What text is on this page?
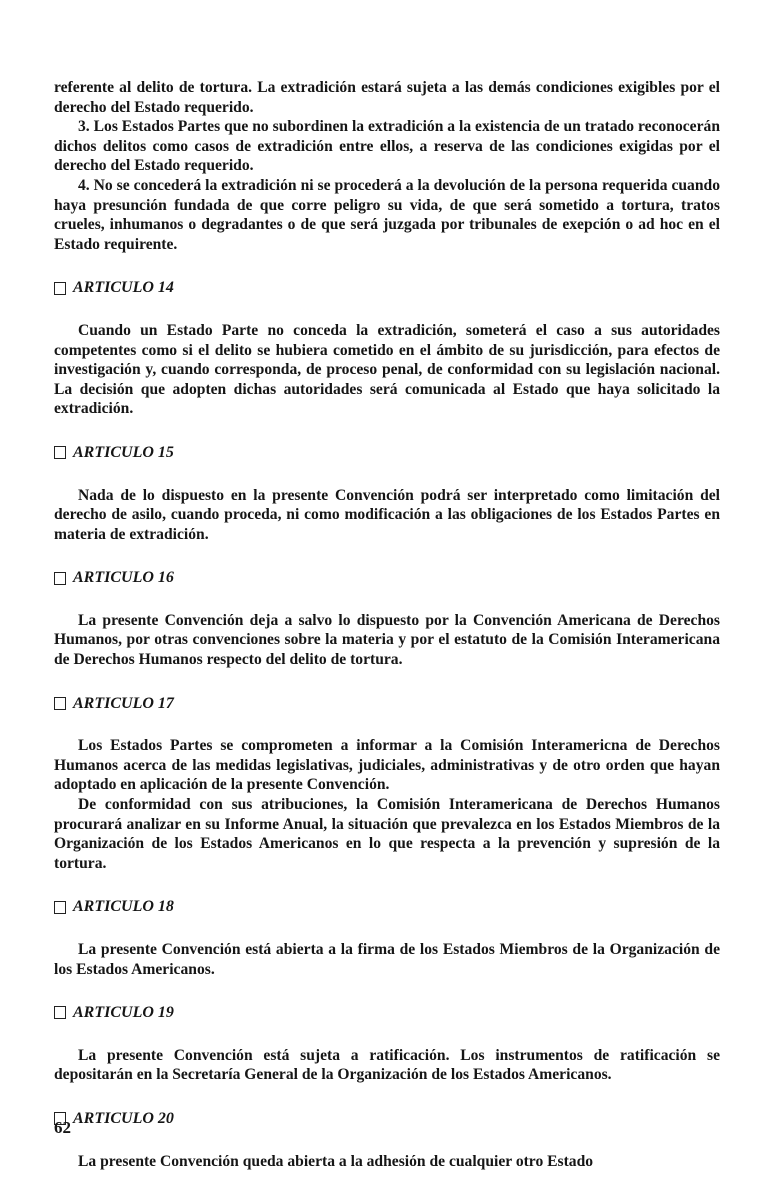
referente al delito de tortura. La extradición estará sujeta a las demás condiciones exigibles por el derecho del Estado requerido.

3. Los Estados Partes que no subordinen la extradición a la existencia de un tratado reconocerán dichos delitos como casos de extradición entre ellos, a reserva de las condiciones exigidas por el derecho del Estado requerido.

4. No se concederá la extradición ni se procederá a la devolución de la persona requerida cuando haya presunción fundada de que corre peligro su vida, de que será sometido a tortura, tratos crueles, inhumanos o degradantes o de que será juzgada por tribunales de exepción o ad hoc en el Estado requirente.

ARTICULO 14

Cuando un Estado Parte no conceda la extradición, someterá el caso a sus autoridades competentes como si el delito se hubiera cometido en el ámbito de su jurisdicción, para efectos de investigación y, cuando corresponda, de proceso penal, de conformidad con su legislación nacional. La decisión que adopten dichas autoridades será comunicada al Estado que haya solicitado la extradición.

ARTICULO 15

Nada de lo dispuesto en la presente Convención podrá ser interpretado como limitación del derecho de asilo, cuando proceda, ni como modificación a las obligaciones de los Estados Partes en materia de extradición.

ARTICULO 16

La presente Convención deja a salvo lo dispuesto por la Convención Americana de Derechos Humanos, por otras convenciones sobre la materia y por el estatuto de la Comisión Interamericana de Derechos Humanos respecto del delito de tortura.

ARTICULO 17

Los Estados Partes se comprometen a informar a la Comisión Interamericna de Derechos Humanos acerca de las medidas legislativas, judiciales, administrativas y de otro orden que hayan adoptado en aplicación de la presente Convención.

De conformidad con sus atribuciones, la Comisión Interamericana de Derechos Humanos procurará analizar en su Informe Anual, la situación que prevalezca en los Estados Miembros de la Organización de los Estados Americanos en lo que respecta a la prevención y supresión de la tortura.

ARTICULO 18

La presente Convención está abierta a la firma de los Estados Miembros de la Organización de los Estados Americanos.

ARTICULO 19

La presente Convención está sujeta a ratificación. Los instrumentos de ratificación se depositarán en la Secretaría General de la Organización de los Estados Americanos.

ARTICULO 20

La presente Convención queda abierta a la adhesión de cualquier otro Estado

62
